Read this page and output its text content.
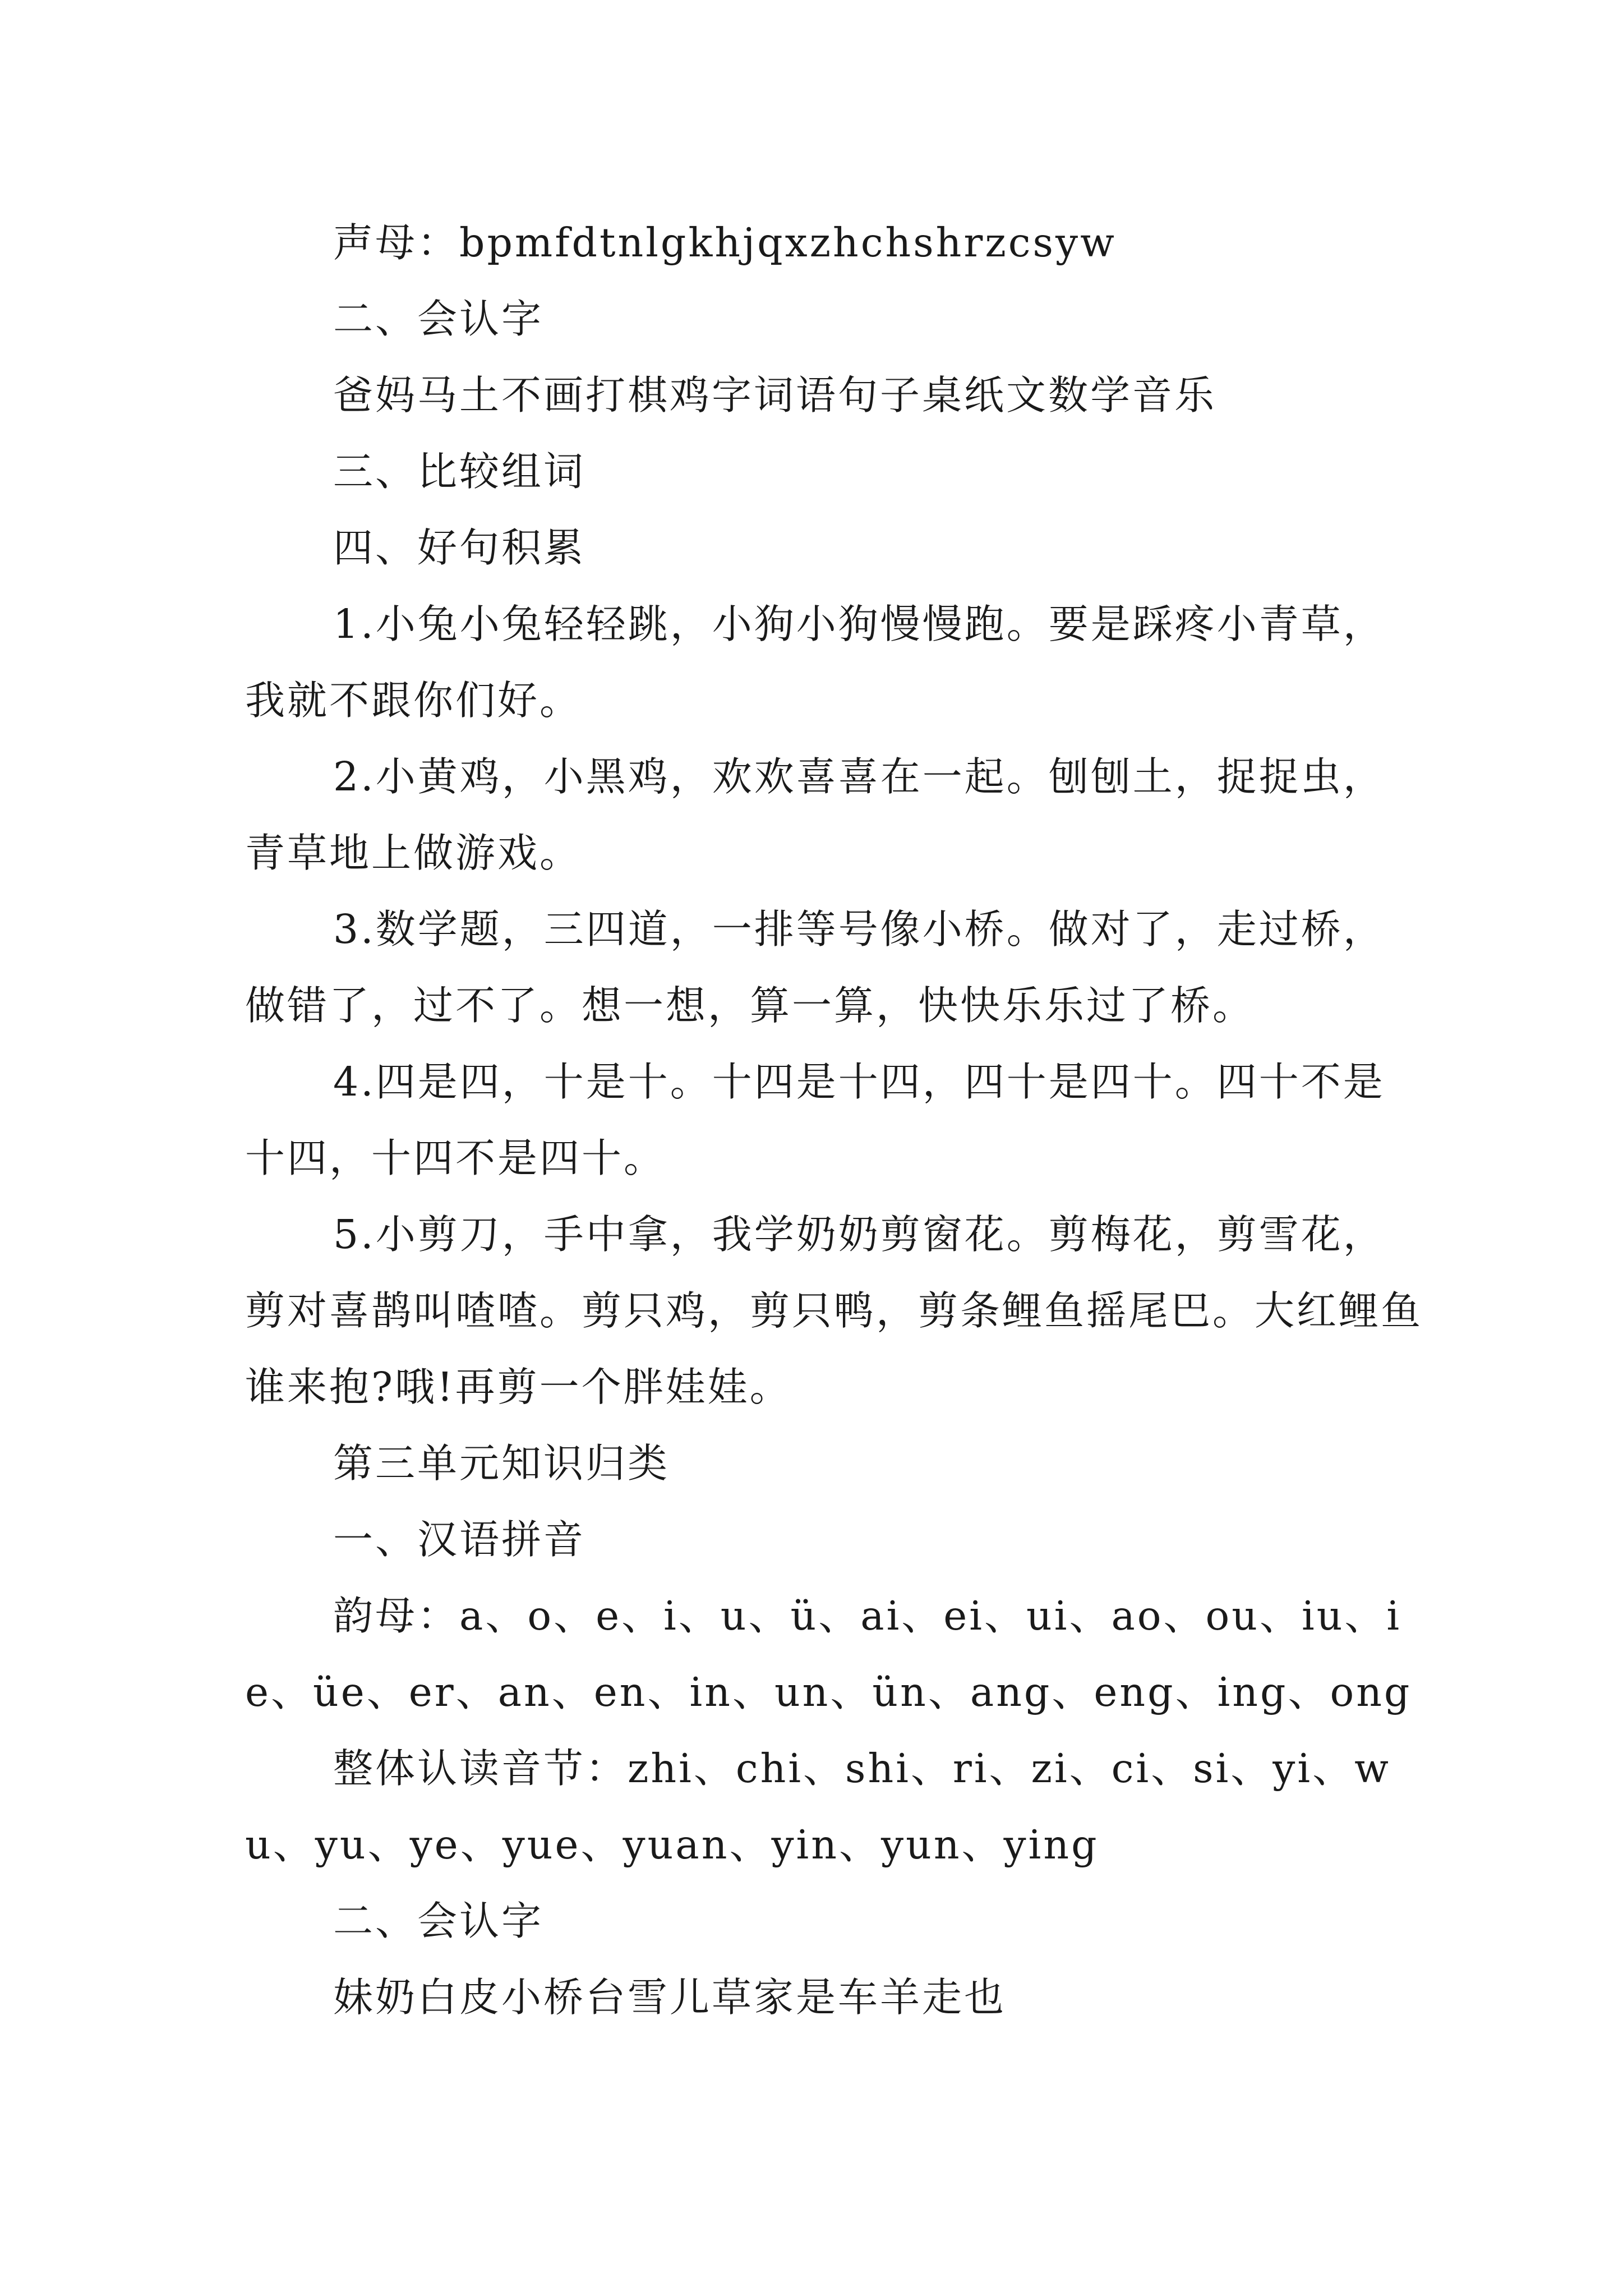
声母：bpmfdtnlgkhjqxzhchshrzcsyw

二、会认字

爸妈马土不画打棋鸡字词语句子桌纸文数学音乐

三、比较组词

四、好句积累

1.小兔小兔轻轻跳，小狗小狗慢慢跑。要是踩疼小青草，我就不跟你们好。

2.小黄鸡，小黑鸡，欢欢喜喜在一起。刨刨土，捉捉虫，青草地上做游戏。

3.数学题，三四道，一排等号像小桥。做对了，走过桥，做错了，过不了。想一想，算一算，快快乐乐过了桥。

4.四是四，十是十。十四是十四，四十是四十。四十不是十四，十四不是四十。

5.小剪刀，手中拿，我学奶奶剪窗花。剪梅花，剪雪花，剪对喜鹊叫喳喳。剪只鸡，剪只鸭，剪条鲤鱼摇尾巴。大红鲤鱼谁来抱?哦!再剪一个胖娃娃。

第三单元知识归类

一、汉语拼音

韵母：a、o、e、i、u、ü、ai、ei、ui、ao、ou、iu、ie、üe、er、an、en、in、un、ün、ang、eng、ing、ong

整体认读音节：zhi、chi、shi、ri、zi、ci、si、yi、wu、yu、ye、yue、yuan、yin、yun、ying

二、会认字

妹奶白皮小桥台雪儿草家是车羊走也
